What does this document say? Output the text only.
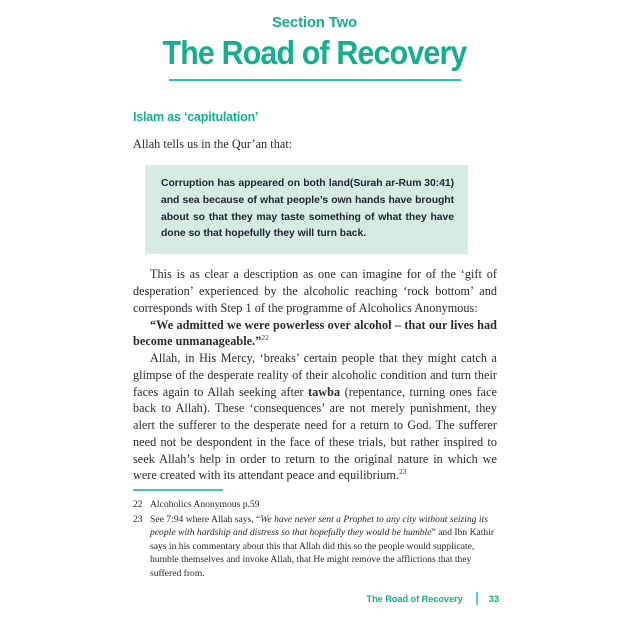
Section Two
The Road of Recovery
Islam as ‘capitulation’

Allah tells us in the Qur’an that:

(Surah ar-Rum 30:41)
Corruption has appeared on both land and sea because of what people’s own hands have brought about so that they may taste something of what they have done so that hopefully they will turn back.

This is as clear a description as one can imagine for of the ‘gift of desperation’ experienced by the alcoholic reaching ‘rock bottom’ and corresponds with Step 1 of the programme of Alcoholics Anonymous:

“We admitted we were powerless over alcohol – that our lives had become unmanageable.”$^{22}$

Allah, in His Mercy, ‘breaks’ certain people that they might catch a glimpse of the desperate reality of their alcoholic condition and turn their faces again to Allah seeking after tawba (repentance, turning ones face back to Allah). These ‘consequences’ are not merely punishment, they alert the sufferer to the desperate need for a return to God. The sufferer need not be despondent in the face of these trials, but rather inspired to seek Allah’s help in order to return to the original nature in which we were created with its attendant peace and equilibrium.$^{23}$

22 Alcoholics Anonymous p.59
23 See 7:94 where Allah says, “We have never sent a Prophet to any city without seizing its people with hardship and distress so that hopefully they would be humble” and Ibn Kathir says in his commentary about this that Allah did this so the people would supplicate, humble themselves and invoke Allah, that He might remove the afflictions that they suffered from.
The Road of Recovery	33
